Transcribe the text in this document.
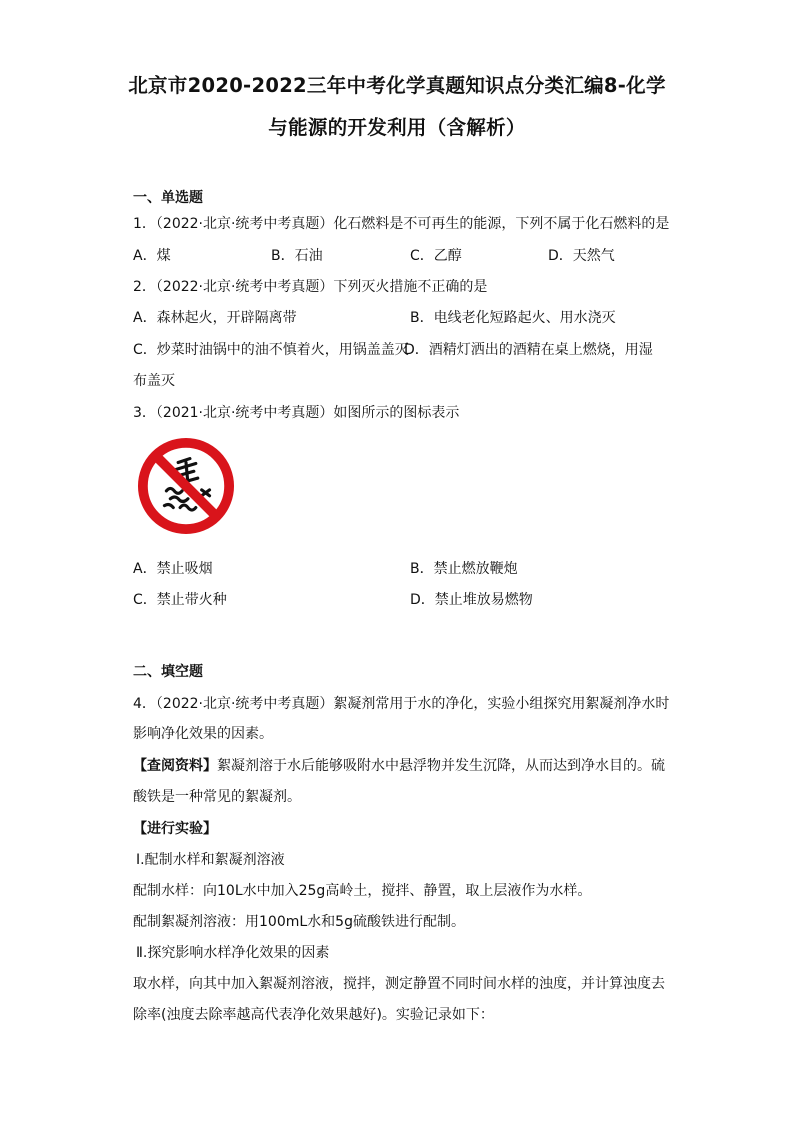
北京市2020-2022三年中考化学真题知识点分类汇编8-化学
与能源的开发利用（含解析）
一、单选题
1．（2022·北京·统考中考真题）化石燃料是不可再生的能源，下列不属于化石燃料的是
A．煤	B．石油	C．乙醇	D．天然气
2．（2022·北京·统考中考真题）下列灭火措施不正确的是
A．森林起火，开辟隔离带	B．电线老化短路起火、用水浇灭
C．炒菜时油锅中的油不慎着火，用锅盖盖灭
D．酒精灯洒出的酒精在桌上燃烧，用湿
布盖灭
3．（2021·北京·统考中考真题）如图所示的图标表示
A．禁止吸烟	B．禁止燃放鞭炮
C．禁止带火种	D．禁止堆放易燃物
二、填空题
4．（2022·北京·统考中考真题）絮凝剂常用于水的净化，实验小组探究用絮凝剂净水时
影响净化效果的因素。
【查阅资料】絮凝剂溶于水后能够吸附水中悬浮物并发生沉降，从而达到净水目的。硫
酸铁是一种常见的絮凝剂。
【进行实验】
Ⅰ.配制水样和絮凝剂溶液
配制水样：向10L水中加入25g高岭土，搅拌、静置，取上层液作为水样。
配制絮凝剂溶液：用100mL水和5g硫酸铁进行配制。
Ⅱ.探究影响水样净化效果的因素
取水样，向其中加入絮凝剂溶液，搅拌，测定静置不同时间水样的浊度，并计算浊度去
除率(浊度去除率越高代表净化效果越好)。实验记录如下：
